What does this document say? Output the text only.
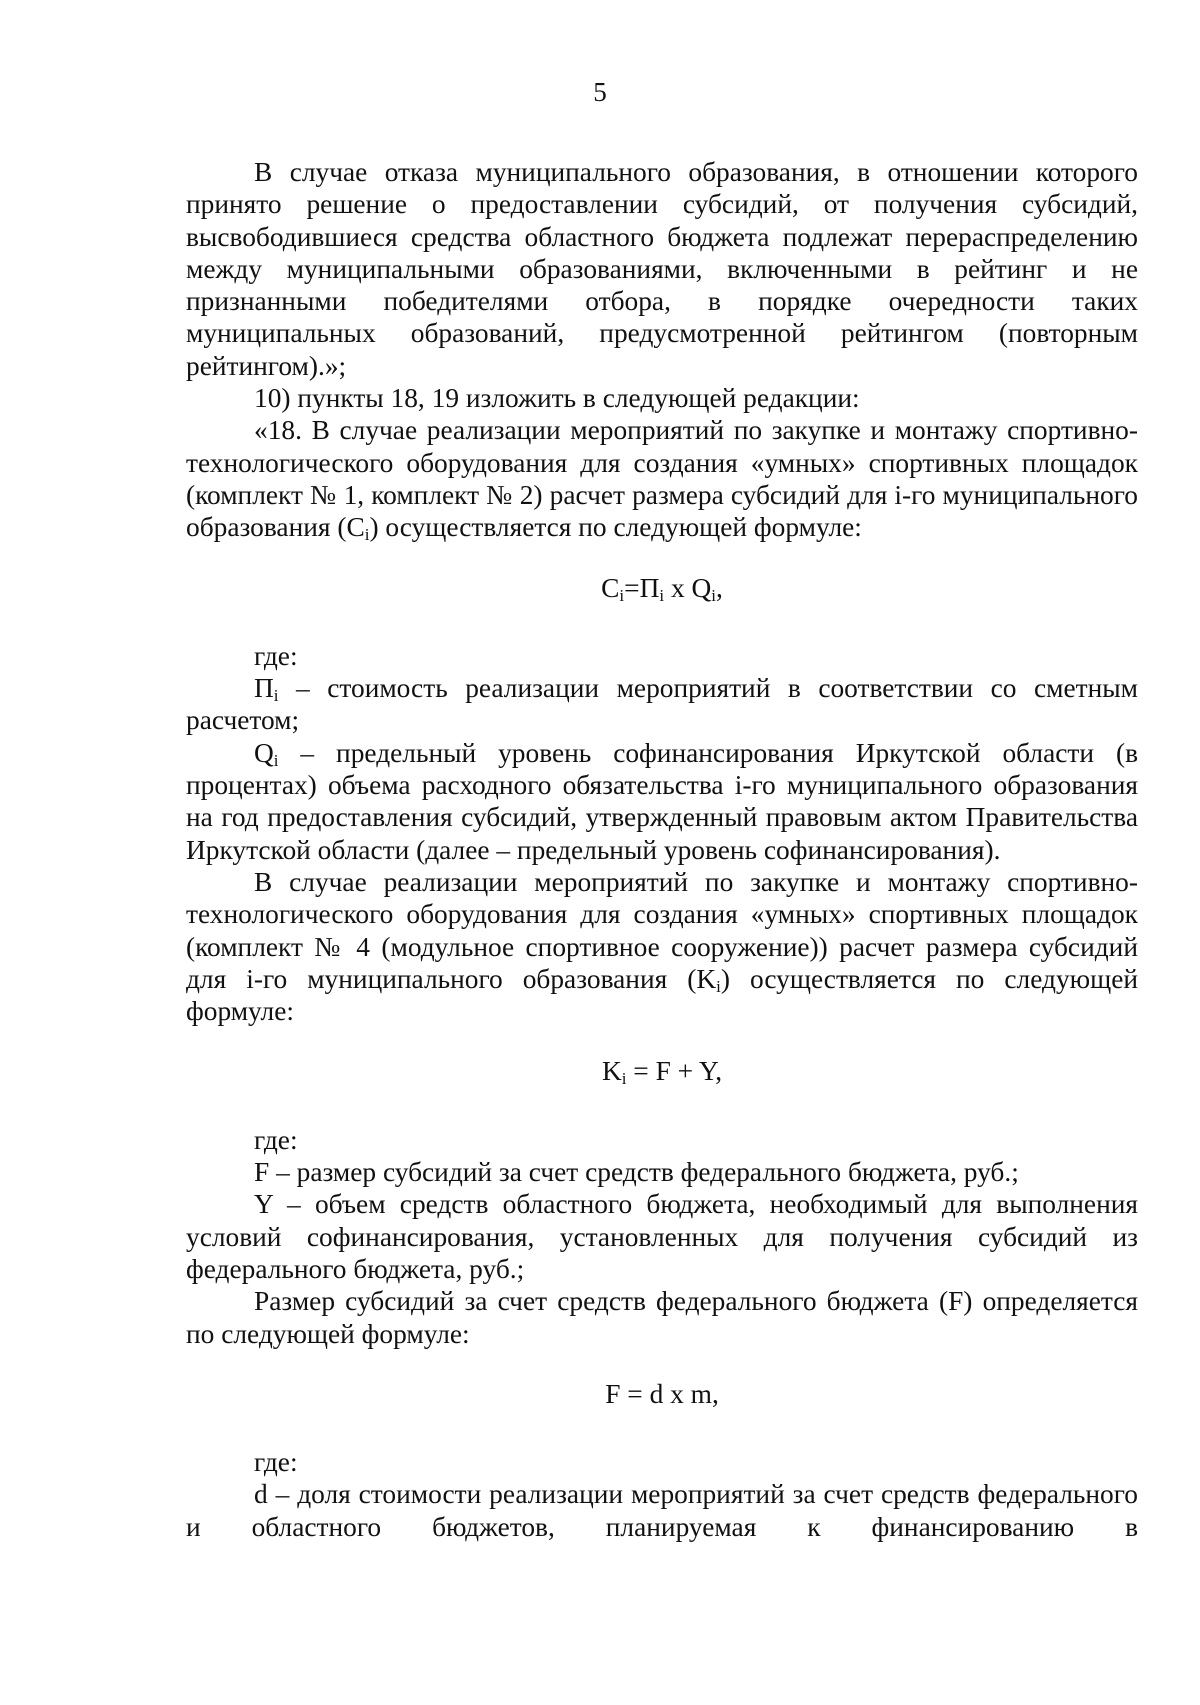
5

В случае отказа муниципального образования, в отношении которого принято решение о предоставлении субсидий, от получения субсидий, высвободившиеся средства областного бюджета подлежат перераспределению между муниципальными образованиями, включенными в рейтинг и не признанными победителями отбора, в порядке очередности таких муниципальных образований, предусмотренной рейтингом (повторным рейтингом).»;

10) пункты 18, 19 изложить в следующей редакции:

«18. В случае реализации мероприятий по закупке и монтажу спортивно-технологического оборудования для создания «умных» спортивных площадок (комплект № 1, комплект № 2) расчет размера субсидий для i-го муниципального образования $(C_i)$ осуществляется по следующей формуле:

$C_i=П_i$ x $Q_i$,

где:

$П_i$ – стоимость реализации мероприятий в соответствии со сметным расчетом;

$Q_i$ – предельный уровень софинансирования Иркутской области (в процентах) объема расходного обязательства i-го муниципального образования на год предоставления субсидий, утвержденный правовым актом Правительства Иркутской области (далее – предельный уровень софинансирования).

В случае реализации мероприятий по закупке и монтажу спортивно-технологического оборудования для создания «умных» спортивных площадок (комплект № 4 (модульное спортивное сооружение)) расчет размера субсидий для i-го муниципального образования $(K_i)$ осуществляется по следующей формуле:

$K_i = F + Y$,

где:

F – размер субсидий за счет средств федерального бюджета, руб.;

Y – объем средств областного бюджета, необходимый для выполнения условий софинансирования, установленных для получения субсидий из федерального бюджета, руб.;

Размер субсидий за счет средств федерального бюджета (F) определяется по следующей формуле:

F = d x m,

где:

d – доля стоимости реализации мероприятий за счет средств федерального и областного бюджетов, планируемая к финансированию в
